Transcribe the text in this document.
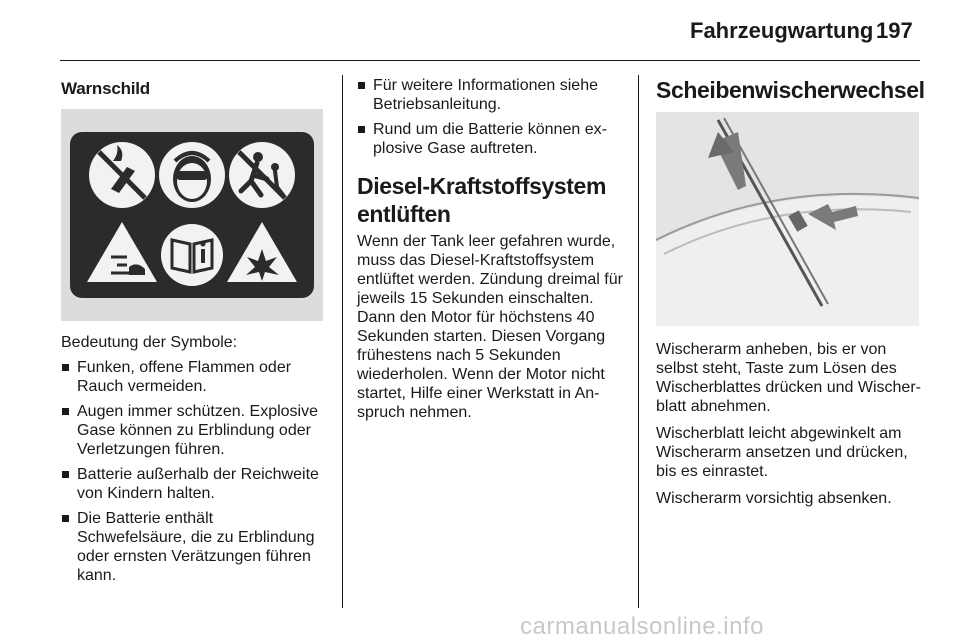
Fahrzeugwartung 197
Warnschild

Bedeutung der Symbole:

Funken, offene Flammen oder Rauch vermeiden.
Augen immer schützen. Explosive Gase können zu Erblindung oder Verletzungen führen.
Batterie außerhalb der Reichweite von Kindern halten.
Die Batterie enthält Schwefelsäure, die zu Erblindung oder ernsten Verätzungen führen kann.
Für weitere Informationen siehe Betriebsanleitung.
Rund um die Batterie können explosive Gase auftreten.
Diesel-Kraftstoffsystem entlüften

Wenn der Tank leer gefahren wurde, muss das Diesel-Kraftstoffsystem entlüftet werden. Zündung dreimal für jeweils 15 Sekunden einschalten. Dann den Motor für höchstens 40 Sekunden starten. Diesen Vorgang frühestens nach 5 Sekunden wiederholen. Wenn der Motor nicht startet, Hilfe einer Werkstatt in Anspruch nehmen.

Scheibenwischerwechsel

Wischerarm anheben, bis er von selbst steht, Taste zum Lösen des Wischerblattes drücken und Wischerblatt abnehmen.

Wischerblatt leicht abgewinkelt am Wischerarm ansetzen und drücken, bis es einrastet.

Wischerarm vorsichtig absenken.

carmanualsonline.info
